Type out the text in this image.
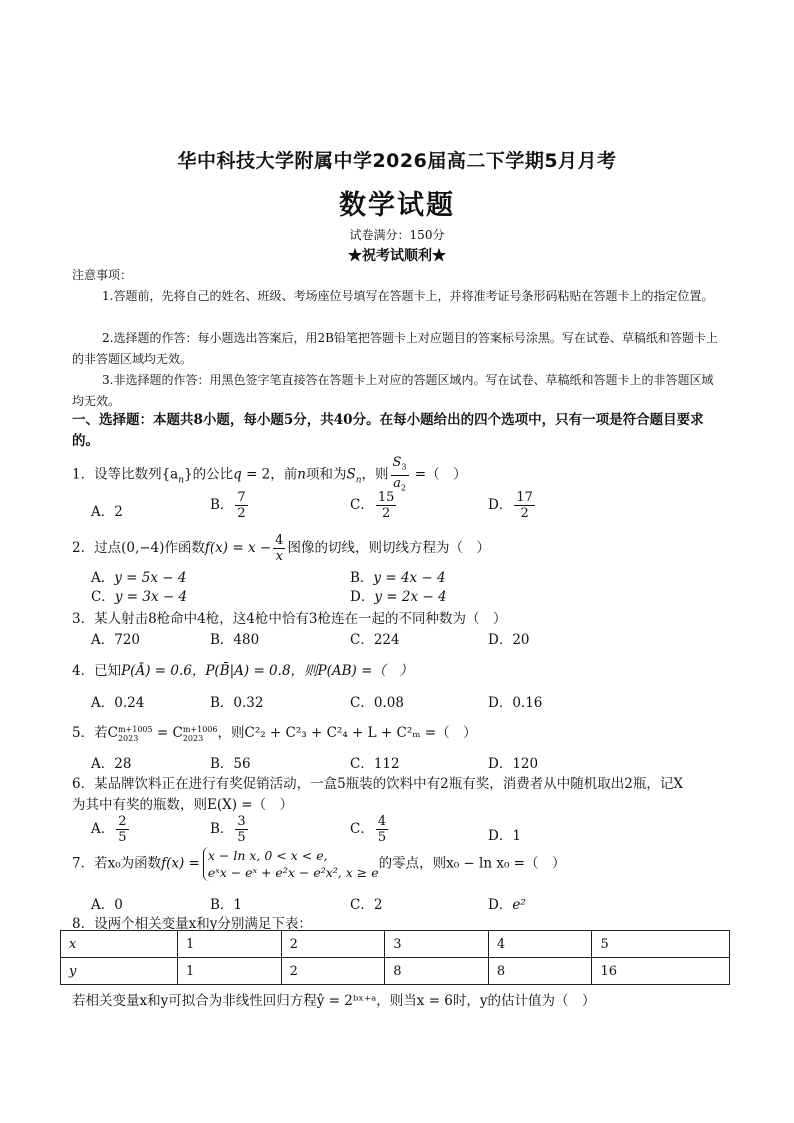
华中科技大学附属中学2026届高二下学期5月月考
数学试题
试卷满分：150分
★祝考试顺利★
注意事项：
1.答题前，先将自己的姓名、班级、考场座位号填写在答题卡上，并将准考证号条形码粘贴在答题卡上的指定位置。
2.选择题的作答：每小题选出答案后，用2B铅笔把答题卡上对应题目的答案标号涂黑。写在试卷、草稿纸和答题卡上的非答题区域均无效。
3.非选择题的作答：用黑色签字笔直接答在答题卡上对应的答题区域内。写在试卷、草稿纸和答题卡上的非答题区域均无效。
一、选择题：本题共8小题，每小题5分，共40分。在每小题给出的四个选项中，只有一项是符合题目要求的。
1．设等比数列$\{a_n\}$的公比q = 2，前n项和为$S_n$，则 $\frac{S_3}{a_2}$ =（　）
A．2	B． $\frac{7}{2}$	C． $\frac{15}{2}$	D． $\frac{17}{2}$
2．过点(0,−4)作函数$f(x) = x - \frac{4}{x}$ 图像的切线，则切线方程为（　）
A．y = 5x − 4	B．y = 4x − 4
C．y = 3x − 4	D．y = 2x − 4
3．某人射击8枪命中4枪，这4枪中恰有3枪连在一起的不同种数为（　）
A．720	B．480	C．224	D．20
4．已知P(Ā) = 0.6，P(B̄|A) = 0.8，则P(AB) =（　）
A．0.24	B．0.32	C．0.08	D．0.16
5．若C m+1005
2023	= C m+1006
2023	，则C²₂ + C²₃ + C²₄ + L + C²ₘ =（　）
A．28	B．56	C．112	D．120
6．某品牌饮料正在进行有奖促销活动，一盒5瓶装的饮料中有2瓶有奖，消费者从中随机取出2瓶，记X
为其中有奖的瓶数，则E(X) =（　）
A． $\frac{2}{5}$	B． $\frac{3}{5}$	C． $\frac{4}{5}$	D．1
7．若x₀为函数f(x) = x − ln x, 0 < x < e,
eˣx − eˣ + e²x − e²x², x ≥ e
的零点，则x₀ − ln x₀ =（　）
A．0	B．1	C．2	D．e²
8．设两个相关变量x和y分别满足下表：
x	1	2	3	4	5
y	1	2	8	8	16
若相关变量x和y可拟合为非线性回归方程ŷ = 2ᵇˣ⁺ᵃ，则当x = 6时，y的估计值为（　）
